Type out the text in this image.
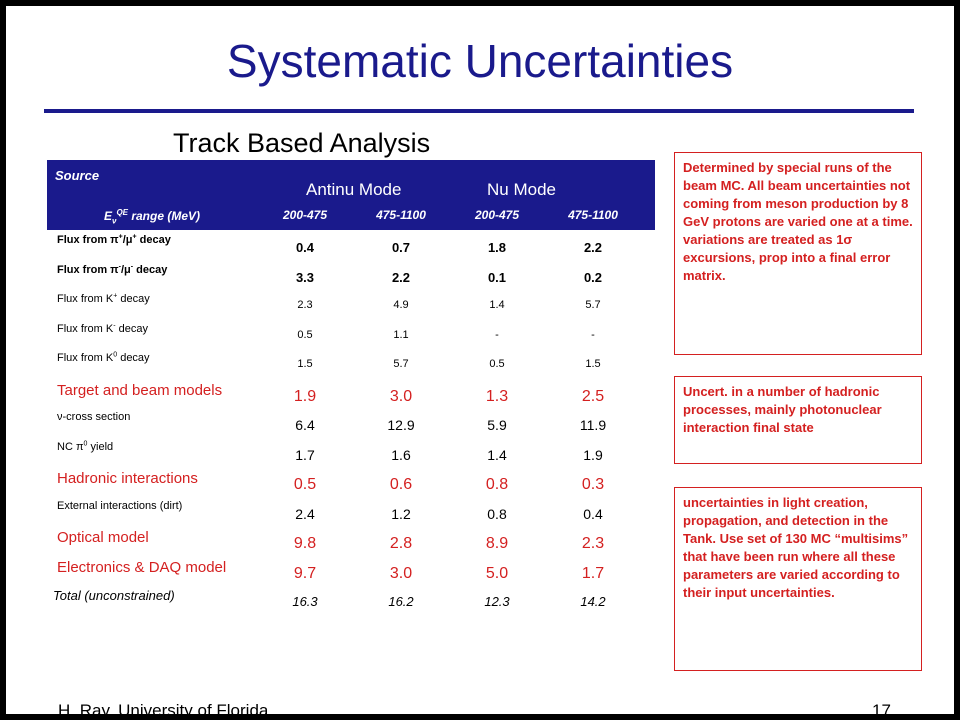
Systematic Uncertainties
Track Based Analysis
Source
Antinu Mode	Nu Mode
$E_\nu^{QE}$ range (MeV)	200-475	475-1100	200-475	475-1100
Flux from π+/μ+ decay	0.4	0.7	1.8	2.2
Flux from π-/μ- decay	3.3	2.2	0.1	0.2
Flux from K+ decay	2.3	4.9	1.4	5.7
Flux from K- decay	0.5	1.1	-	-
Flux from $K^0$ decay	1.5	5.7	0.5	1.5
Target and beam models	1.9	3.0	1.3	2.5
ν-cross section	6.4	12.9	5.9	11.9
NC $\pi^0$ yield	1.7	1.6	1.4	1.9
Hadronic interactions	0.5	0.6	0.8	0.3
External interactions (dirt)	2.4	1.2	0.8	0.4
Optical model	9.8	2.8	8.9	2.3
Electronics & DAQ model	9.7	3.0	5.0	1.7
Total (unconstrained)	16.3	16.2	12.3	14.2
Determined by special runs of the beam MC. All beam uncertainties not coming from meson production by 8 GeV protons are varied one at a time. variations are treated as 1σ excursions, prop into a final error matrix.
Uncert. in a number of hadronic processes, mainly photonuclear interaction final state
uncertainties in light creation, propagation, and detection in the Tank. Use set of 130 MC “multisims” that have been run where all these parameters are varied according to their input uncertainties.
H. Ray, University of Florida	17
